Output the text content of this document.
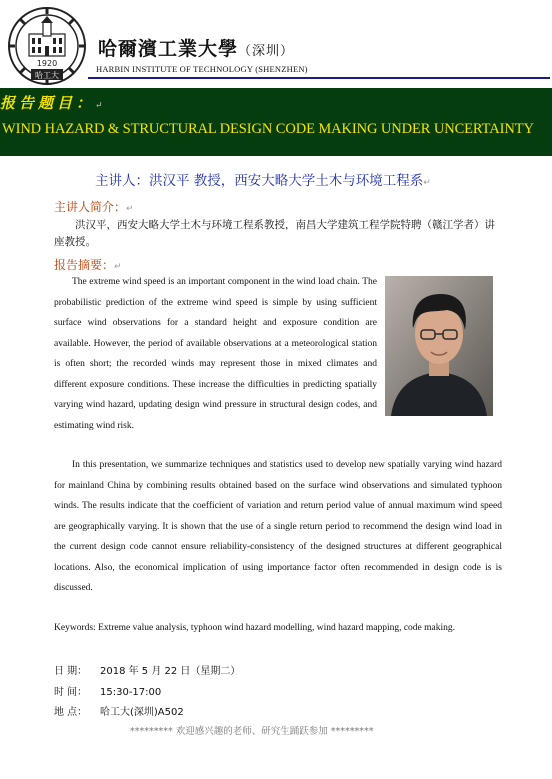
1920
哈工大
哈爾濱工業大學（深圳）
HARBIN INSTITUTE OF TECHNOLOGY (SHENZHEN)
报告题目：↵
WIND HAZARD & STRUCTURAL DESIGN CODE MAKING UNDER UNCERTAINTY
主讲人：洪汉平 教授，西安大略大学土木与环境工程系↵
主讲人简介：↵
洪汉平，西安大略大学土木与环境工程系教授，南昌大学建筑工程学院特聘（赣江学者）讲座教授。
报告摘要：↵
The extreme wind speed is an important component in the wind load chain. The probabilistic prediction of the extreme wind speed is simple by using sufficient surface wind observations for a standard height and exposure condition are available. However, the period of available observations at a meteorological station is often short; the recorded winds may represent those in mixed climates and different exposure conditions. These increase the difficulties in predicting spatially varying wind hazard, updating design wind pressure in structural design codes, and estimating wind risk.
In this presentation, we summarize techniques and statistics used to develop new spatially varying wind hazard for mainland China by combining results obtained based on the surface wind observations and simulated typhoon winds. The results indicate that the coefficient of variation and return period value of annual maximum wind speed are geographically varying. It is shown that the use of a single return period to recommend the design wind load in the current design code cannot ensure reliability-consistency of the designed structures at different geographical locations. Also, the economical implication of using importance factor often recommended in design code is is discussed.
Keywords: Extreme value analysis, typhoon wind hazard modelling, wind hazard mapping, code making.
日 期： 2018 年 5 月 22 日（星期二）
时 间： 15:30-17:00
地 点： 哈工大(深圳)A502
********* 欢迎感兴趣的老师、研究生踊跃参加 *********
